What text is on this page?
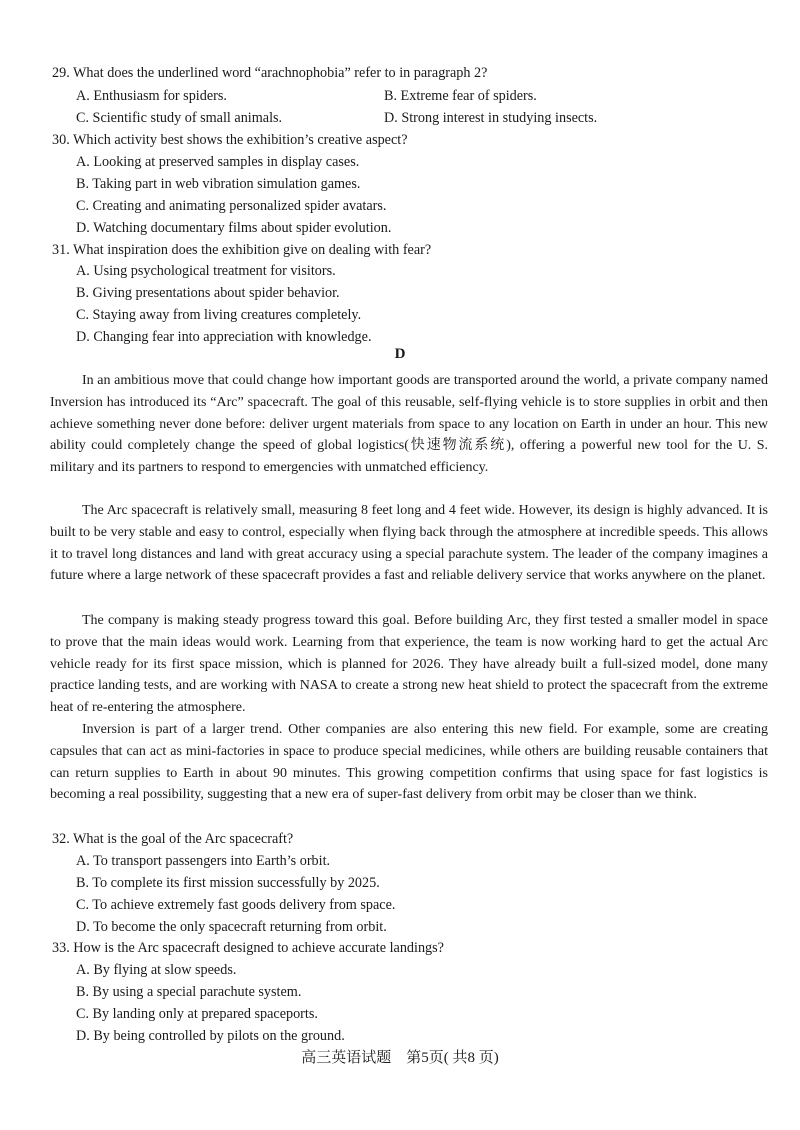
29. What does the underlined word “arachnophobia” refer to in paragraph 2?
A. Enthusiasm for spiders.	B. Extreme fear of spiders.
C. Scientific study of small animals.	D. Strong interest in studying insects.
30. Which activity best shows the exhibition’s creative aspect?
A. Looking at preserved samples in display cases.
B. Taking part in web vibration simulation games.
C. Creating and animating personalized spider avatars.
D. Watching documentary films about spider evolution.
31. What inspiration does the exhibition give on dealing with fear?
A. Using psychological treatment for visitors.
B. Giving presentations about spider behavior.
C. Staying away from living creatures completely.
D. Changing fear into appreciation with knowledge.
D

In an ambitious move that could change how important goods are transported around the world, a private company named Inversion has introduced its “Arc” spacecraft. The goal of this reusable, self-flying vehicle is to store supplies in orbit and then achieve something never done before: deliver urgent materials from space to any location on Earth in under an hour. This new ability could completely change the speed of global logistics(快速物流系统), offering a powerful new tool for the U. S. military and its partners to respond to emergencies with unmatched efficiency.

The Arc spacecraft is relatively small, measuring 8 feet long and 4 feet wide. However, its design is highly advanced. It is built to be very stable and easy to control, especially when flying back through the atmosphere at incredible speeds. This allows it to travel long distances and land with great accuracy using a special parachute system. The leader of the company imagines a future where a large network of these spacecraft provides a fast and reliable delivery service that works anywhere on the planet.

The company is making steady progress toward this goal. Before building Arc, they first tested a smaller model in space to prove that the main ideas would work. Learning from that experience, the team is now working hard to get the actual Arc vehicle ready for its first space mission, which is planned for 2026. They have already built a full-sized model, done many practice landing tests, and are working with NASA to create a strong new heat shield to protect the spacecraft from the extreme heat of re-entering the atmosphere.

Inversion is part of a larger trend. Other companies are also entering this new field. For example, some are creating capsules that can act as mini-factories in space to produce special medicines, while others are building reusable containers that can return supplies to Earth in about 90 minutes. This growing competition confirms that using space for fast logistics is becoming a real possibility, suggesting that a new era of super-fast delivery from orbit may be closer than we think.

32. What is the goal of the Arc spacecraft?
A. To transport passengers into Earth’s orbit.
B. To complete its first mission successfully by 2025.
C. To achieve extremely fast goods delivery from space.
D. To become the only spacecraft returning from orbit.
33. How is the Arc spacecraft designed to achieve accurate landings?
A. By flying at slow speeds.
B. By using a special parachute system.
C. By landing only at prepared spaceports.
D. By being controlled by pilots on the ground.
高三英语试题    第5页( 共8 页)
